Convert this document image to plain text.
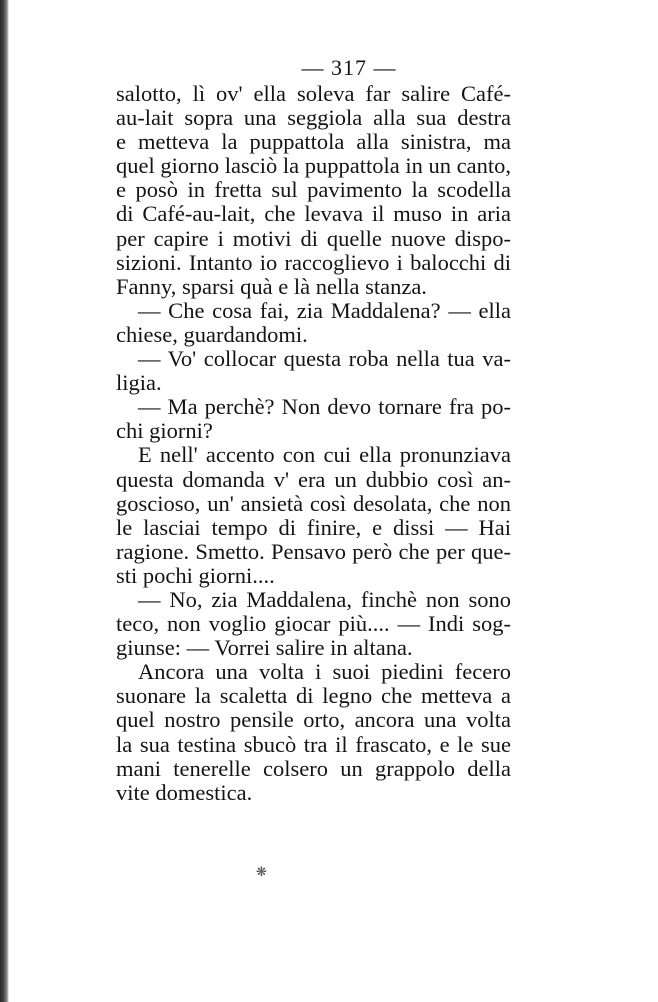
— 317 —
salotto, lì ov' ella soleva far salire Café-
au-lait sopra una seggiola alla sua destra
e metteva la puppattola alla sinistra, ma
quel giorno lasciò la puppattola in un canto,
e posò in fretta sul pavimento la scodella
di Café-au-lait, che levava il muso in aria
per capire i motivi di quelle nuove dispo-
sizioni. Intanto io raccoglievo i balocchi di
Fanny, sparsi quà e là nella stanza.
— Che cosa fai, zia Maddalena? — ella
chiese, guardandomi.
— Vo' collocar questa roba nella tua va-
ligia.
— Ma perchè? Non devo tornare fra po-
chi giorni?
E nell' accento con cui ella pronunziava
questa domanda v' era un dubbio così an-
goscioso, un' ansietà così desolata, che non
le lasciai tempo di finire, e dissi — Hai
ragione. Smetto. Pensavo però che per que-
sti pochi giorni....
— No, zia Maddalena, finchè non sono
teco, non voglio giocar più.... — Indi sog-
giunse: — Vorrei salire in altana.
Ancora una volta i suoi piedini fecero
suonare la scaletta di legno che metteva a
quel nostro pensile orto, ancora una volta
la sua testina sbucò tra il frascato, e le sue
mani tenerelle colsero un grappolo della
vite domestica.
❋
